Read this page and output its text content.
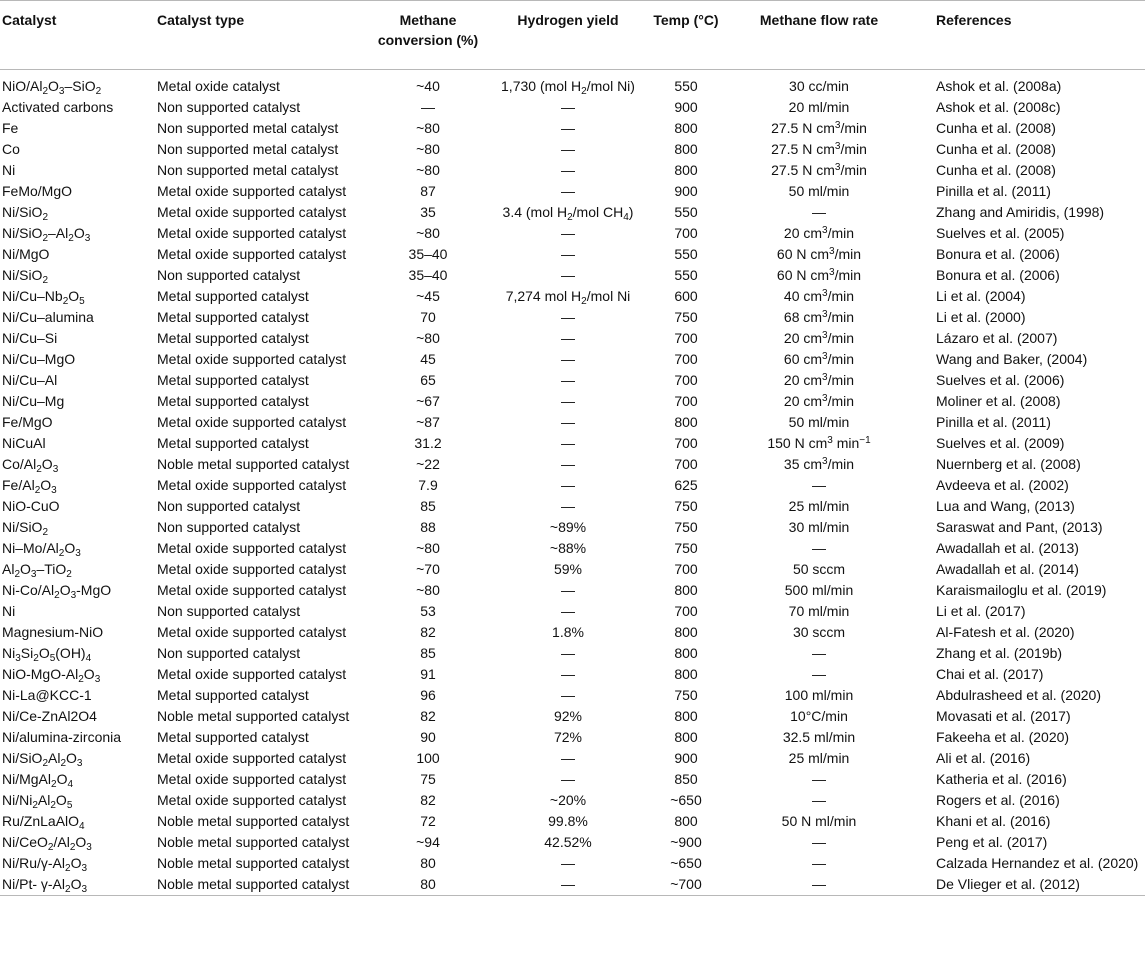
Catalyst	Catalyst type	Methane conversion (%)	Hydrogen yield	Temp (°C)	Methane flow rate	References
NiO/$Al_2O_3-SiO_2$	Metal oxide catalyst	~40	1,730 (mol $H_2$/mol Ni)	550	30 cc/min	Ashok et al. (2008a)
Activated carbons	Non supported catalyst	—	—	900	20 ml/min	Ashok et al. (2008c)
Fe	Non supported metal catalyst	~80	—	800	27.5 N $cm^3/\min$	Cunha et al. (2008)
Co	Non supported metal catalyst	~80	—	800	27.5 N $cm^3/\min$	Cunha et al. (2008)
Ni	Non supported metal catalyst	~80	—	800	27.5 N $cm^3/\min$	Cunha et al. (2008)
FeMo/MgO	Metal oxide supported catalyst	87	—	900	50 ml/min	Pinilla et al. (2011)
Ni/SiO$_2$	Metal oxide supported catalyst	35	3.4 (mol $H_2$/mol $CH_4$)	550	—	Zhang and Amiridis, (1998)
$Ni/SiO_2-Al_2O_3$	Metal oxide supported catalyst	~80	—	700	20 $cm^3/\min$	Suelves et al. (2005)
Ni/MgO	Metal oxide supported catalyst	35–40	—	550	60 N $cm^3/\min$	Bonura et al. (2006)
Ni/SiO$_2$	Non supported catalyst	35–40	—	550	60 N $cm^3/\min$	Bonura et al. (2006)
$Ni/Cu-Nb_2O_5$	Metal supported catalyst	~45	7,274 mol $H_2$/mol Ni	600	40 $cm^3/\min$	Li et al. (2004)
Ni/Cu–alumina	Metal supported catalyst	70	—	750	68 $cm^3/\min$	Li et al. (2000)
Ni/Cu–Si	Metal supported catalyst	~80	—	700	20 $cm^3/\min$	Lázaro et al. (2007)
Ni/Cu–MgO	Metal oxide supported catalyst	45	—	700	60 $cm^3/\min$	Wang and Baker, (2004)
Ni/Cu–Al	Metal supported catalyst	65	—	700	20 $cm^3/\min$	Suelves et al. (2006)
Ni/Cu–Mg	Metal supported catalyst	~67	—	700	20 $cm^3/\min$	Moliner et al. (2008)
Fe/MgO	Metal oxide supported catalyst	~87	—	800	50 ml/min	Pinilla et al. (2011)
NiCuAl	Metal supported catalyst	31.2	—	700	150 N $cm^3$ $\min^{-1}$	Suelves et al. (2009)
$Co/Al_2O_3$	Noble metal supported catalyst	~22	—	700	35 $cm^3/\min$	Nuernberg et al. (2008)
$Fe/Al_2O_3$	Metal oxide supported catalyst	7.9	—	625	—	Avdeeva et al. (2002)
NiO-CuO	Non supported catalyst	85	—	750	25 ml/min	Lua and Wang, (2013)
Ni/SiO$_2$	Non supported catalyst	88	~89%	750	30 ml/min	Saraswat and Pant, (2013)
$Ni-Mo/Al_2O_3$	Metal oxide supported catalyst	~80	~88%	750	—	Awadallah et al. (2013)
$Al_2O_3-TiO_2$	Metal oxide supported catalyst	~70	59%	700	50 sccm	Awadallah et al. (2014)
$Ni-Co/Al_2O_3$-MgO	Metal oxide supported catalyst	~80	—	800	500 ml/min	Karaismailoglu et al. (2019)
Ni	Non supported catalyst	53	—	700	70 ml/min	Li et al. (2017)
Magnesium-NiO	Metal oxide supported catalyst	82	1.8%	800	30 sccm	Al-Fatesh et al. (2020)
$Ni_3Si_2O_5(OH)_4$	Non supported catalyst	85	—	800	—	Zhang et al. (2019b)
NiO-$MgO-Al_2O_3$	Metal oxide supported catalyst	91	—	800	—	Chai et al. (2017)
Ni-La@KCC-1	Metal supported catalyst	96	—	750	100 ml/min	Abdulrasheed et al. (2020)
Ni/Ce-ZnAl2O4	Noble metal supported catalyst	82	92%	800	10°C/min	Movasati et al. (2017)
Ni/alumina-zirconia	Metal supported catalyst	90	72%	800	32.5 ml/min	Fakeeha et al. (2020)
$Ni/SiO_2Al_2O_3$	Metal oxide supported catalyst	100	—	900	25 ml/min	Ali et al. (2016)
$Ni/MgAl_2O_4$	Metal oxide supported catalyst	75	—	850	—	Katheria et al. (2016)
$Ni/Ni_2Al_2O_5$	Metal oxide supported catalyst	82	~20%	~650	—	Rogers et al. (2016)
Ru/ZnLaAlO$_4$	Noble metal supported catalyst	72	99.8%	800	50 N ml/min	Khani et al. (2016)
$Ni/CeO_2/Al_2O_3$	Noble metal supported catalyst	~94	42.52%	~900	—	Peng et al. (2017)
$Ni/Ru/\gamma-Al_2O_3$	Noble metal supported catalyst	80	—	~650	—	Calzada Hernandez et al. (2020)
Ni/Pt- $\gamma-Al_2O_3$	Noble metal supported catalyst	80	—	~700	—	De Vlieger et al. (2012)
